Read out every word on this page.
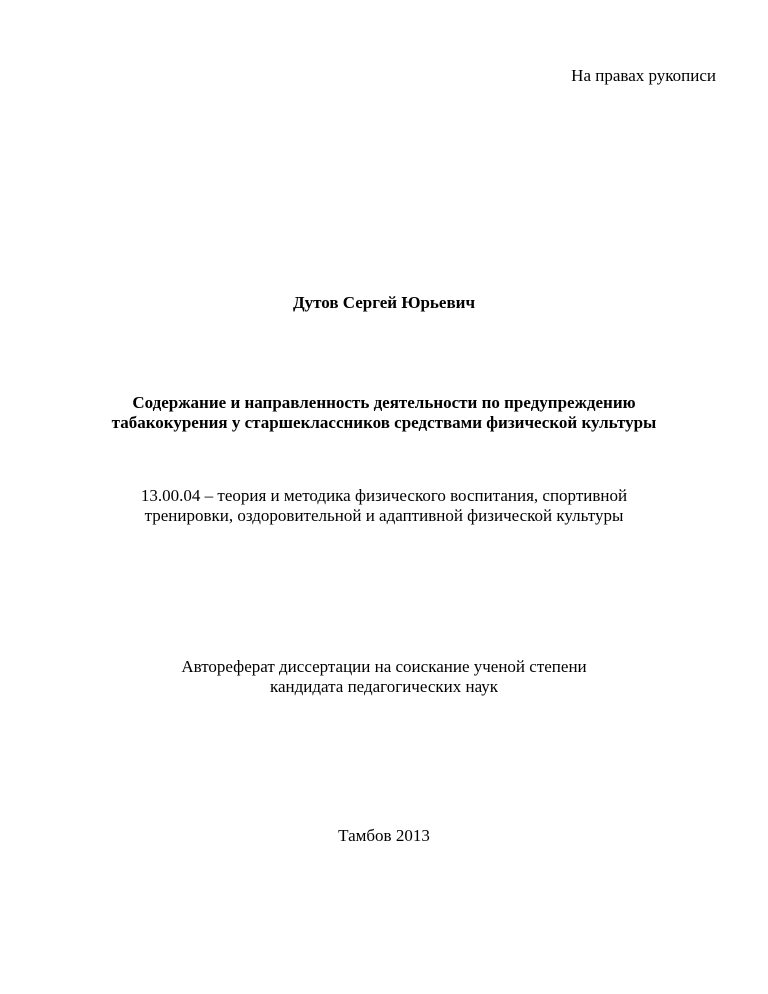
На правах рукописи
Дутов Сергей Юрьевич
Содержание и направленность деятельности по предупреждению
табакокурения у старшеклассников средствами физической культуры
13.00.04 – теория и методика физического воспитания, спортивной
тренировки, оздоровительной и адаптивной физической культуры
Автореферат диссертации на соискание ученой степени
кандидата педагогических наук
Тамбов 2013
